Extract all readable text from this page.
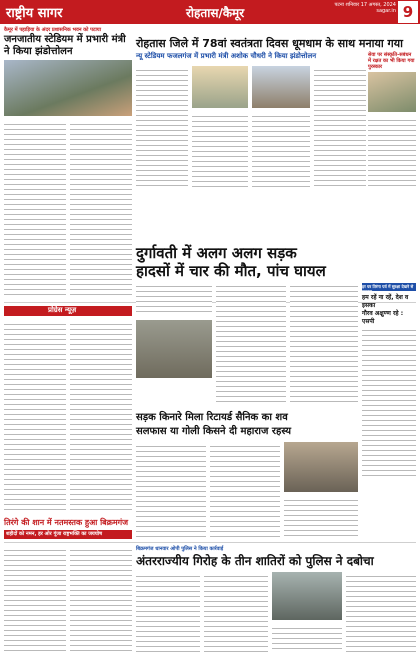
राष्ट्रीय सागर	रोहतास/कैमूर
पटना शनिवार 17 अगस्त, 2024 sagar.in 9
कैमूर में पहाड़िया के अंदर प्रशासनिक भवन को पटाया
जनजातीय स्टेडियम में प्रभारी मंत्री ने किया झंडोत्तोलन
रोहतास जिले में 78वां स्वतंत्रता दिवस धूमधाम के साथ मनाया गया
न्यू स्टेडियम फजलगंज में प्रभारी मंत्री अशोक चौधरी ने किया झंडोत्तोलन	सेवा पर संस्कृति-सबंधन में रक्षत का भी किया गया पुरस्कार
प्रोग्रेस न्यूज़
दुर्गावती में अलग अलग सड़क
हादसों में चार की मौत, पांच घायल
हर घर तिरंगा पर्व में सुरक्षा देखने से प्रवक्ता
हम रहें ना रहें, देश व इसका
गौरव अक्षुण्ण रहे : एसपी
सड़क किनारे मिला रिटायर्ड सैनिक का शव
सलफास या गोली किसने दी महाराज रहस्य
तिरंगे की शान में नतमस्तक हुआ बिक्रमगंज
शहीदों को नमन, हर ओर गूंजा राष्ट्रभक्ति का जयघोष
बिक्रमगंज धानवार ओपी पुलिस ने किया कार्रवाई
अंतरराज्यीय गिरोह के तीन शातिरों को पुलिस ने दबोचा
